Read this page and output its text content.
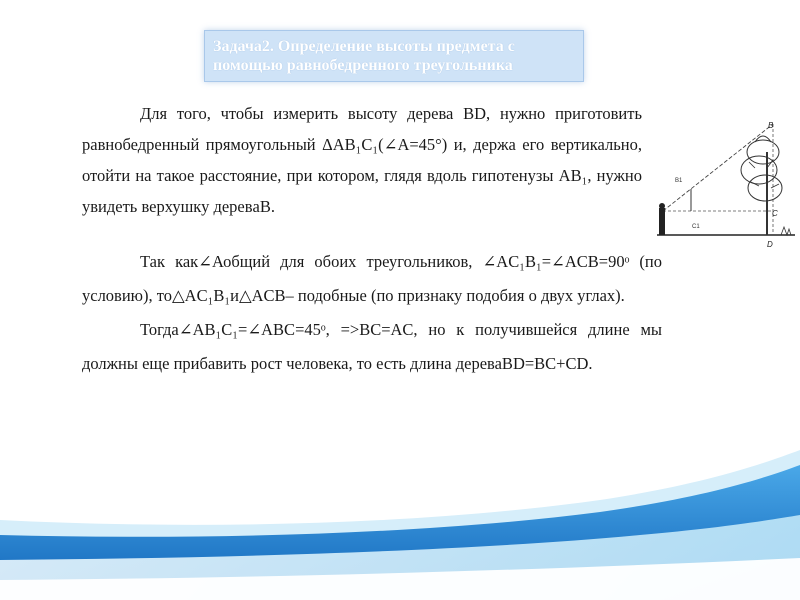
Задача2. Определение высоты предмета с помощью равнобедренного треугольника
Для того, чтобы измерить высоту дерева BD, нужно приготовить равнобедренный прямоугольный ΔAB₁C₁(∠A=45°) и, держа его вертикально, отойти на такое расстояние, при котором, глядя вдоль гипотенузы AB₁, нужно увидеть верхушку деревaB.
Так как∠Аобщий для обоих треугольников, ∠AC₁B₁=∠ACB=90ᵒ (по условию), то△AC₁B₁и△ACB– подобные (по признаку подобия о двух углах).
Тогда∠AB₁C₁=∠ABC=45ᵒ, =>BC=AC, но к получившейся длине мы должны еще прибавить рост человека, то есть длина дереваBD=BC+CD.
B
B1
C
C1
D
